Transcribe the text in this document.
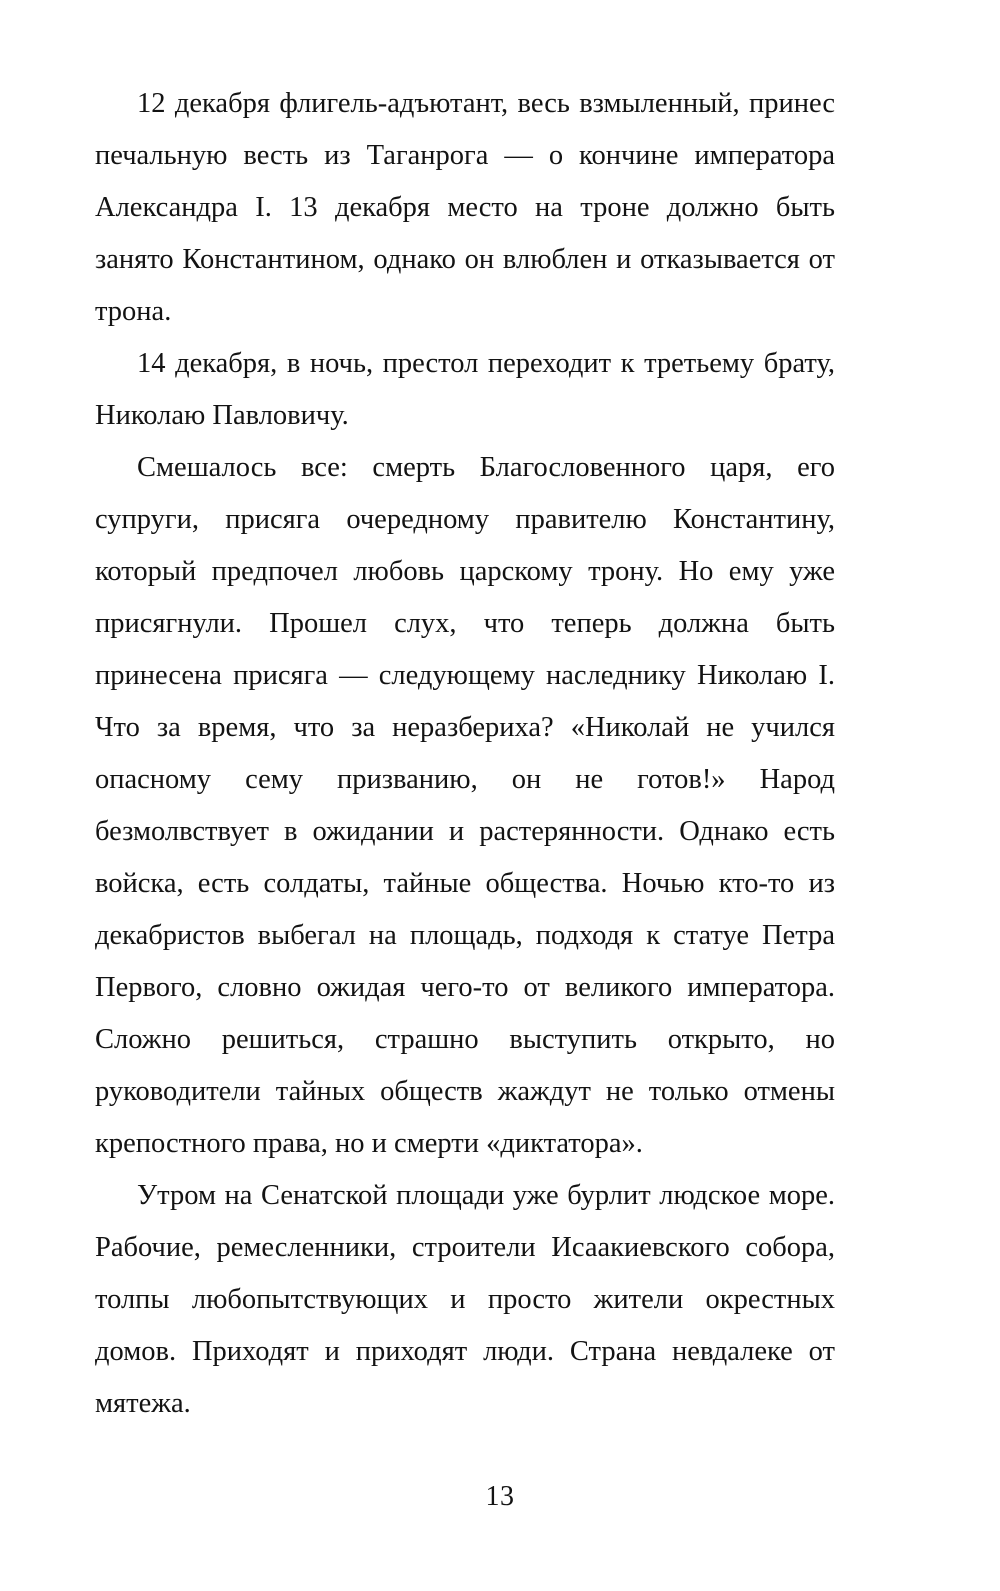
12 декабря флигель-адъютант, весь взмыленный, принес печальную весть из Таганрога — о кончине императора Александра I. 13 декабря место на троне должно быть занято Константином, однако он влюблен и отказывается от трона.

14 декабря, в ночь, престол переходит к третьему брату, Николаю Павловичу.

Смешалось все: смерть Благословенного царя, его супруги, присяга очередному правителю Константину, который предпочел любовь царскому трону. Но ему уже присягнули. Прошел слух, что теперь должна быть принесена присяга — следующему наследнику Николаю I. Что за время, что за неразбериха? «Николай не учился опасному сему призванию, он не готов!» Народ безмолвствует в ожидании и растерянности. Однако есть войска, есть солдаты, тайные общества. Ночью кто-то из декабристов выбегал на площадь, подходя к статуе Петра Первого, словно ожидая чего-то от великого императора. Сложно решиться, страшно выступить открыто, но руководители тайных обществ жаждут не только отмены крепостного права, но и смерти «диктатора».

Утром на Сенатской площади уже бурлит людское море. Рабочие, ремесленники, строители Исаакиевского собора, толпы любопытствующих и просто жители окрестных домов. Приходят и приходят люди. Страна невдалеке от мятежа.

13
